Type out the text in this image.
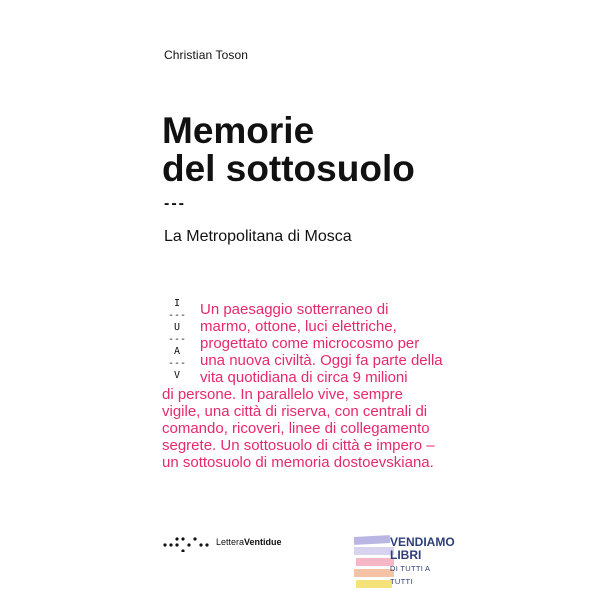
Christian Toson
Memorie
del sottosuolo
---
La Metropolitana di Mosca
I
---
U
---
A
---
V
Un paesaggio sotterraneo di
marmo, ottone, luci elettriche,
progettato come microcosmo per
una nuova civiltà. Oggi fa parte della
vita quotidiana di circa 9 milioni
di persone. In parallelo vive, sempre
vigile, una città di riserva, con centrali di
comando, ricoveri, linee di collegamento
segrete. Un sottosuolo di città e impero –
un sottosuolo di memoria dostoevskiana.
LetteraVentidue	VENDIAMO
LIBRI
DI TUTTI A TUTTI
